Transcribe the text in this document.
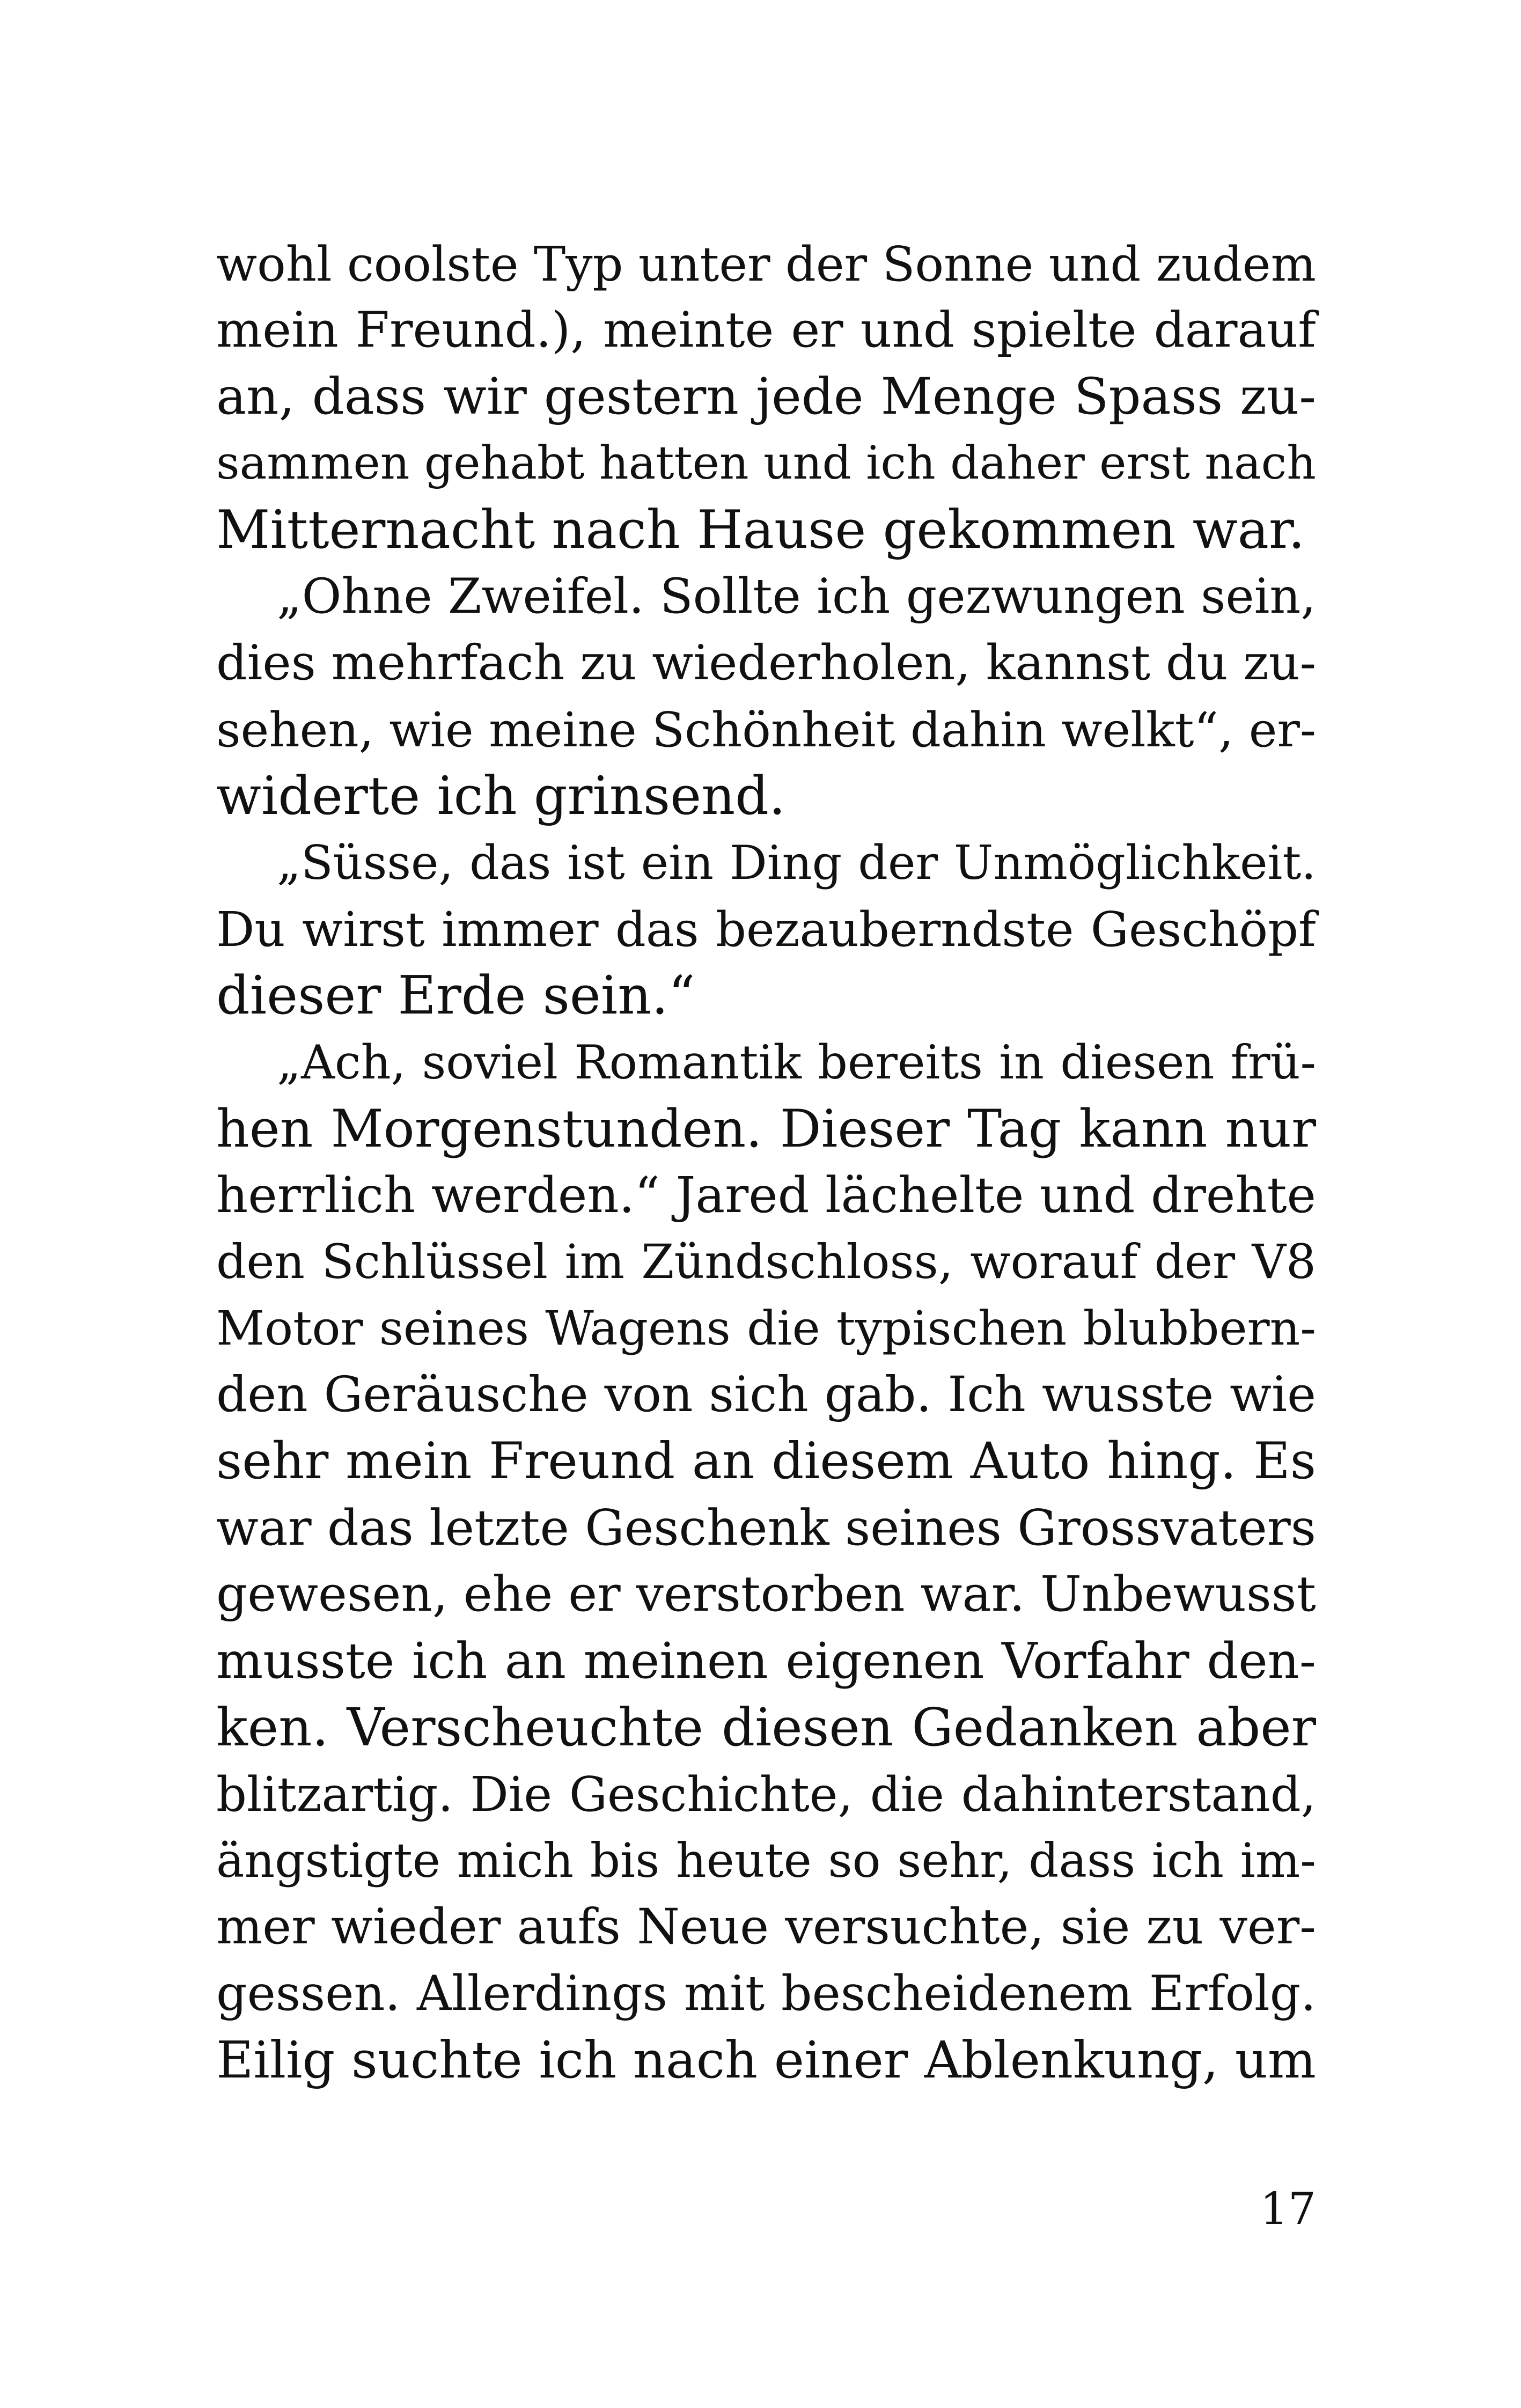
wohl coolste Typ unter der Sonne und zudem
mein Freund.), meinte er und spielte darauf
an, dass wir gestern jede Menge Spass zu-
sammen gehabt hatten und ich daher erst nach
Mitternacht nach Hause gekommen war.
„Ohne Zweifel. Sollte ich gezwungen sein,
dies mehrfach zu wiederholen, kannst du zu-
sehen, wie meine Schönheit dahin welkt“, er-
widerte ich grinsend.
„Süsse, das ist ein Ding der Unmöglichkeit.
Du wirst immer das bezauberndste Geschöpf
dieser Erde sein.“
„Ach, soviel Romantik bereits in diesen frü-
hen Morgenstunden. Dieser Tag kann nur
herrlich werden.“ Jared lächelte und drehte
den Schlüssel im Zündschloss, worauf der V8
Motor seines Wagens die typischen blubbern-
den Geräusche von sich gab. Ich wusste wie
sehr mein Freund an diesem Auto hing. Es
war das letzte Geschenk seines Grossvaters
gewesen, ehe er verstorben war. Unbewusst
musste ich an meinen eigenen Vorfahr den-
ken. Verscheuchte diesen Gedanken aber
blitzartig. Die Geschichte, die dahinterstand,
ängstigte mich bis heute so sehr, dass ich im-
mer wieder aufs Neue versuchte, sie zu ver-
gessen. Allerdings mit bescheidenem Erfolg.
Eilig suchte ich nach einer Ablenkung, um
17
